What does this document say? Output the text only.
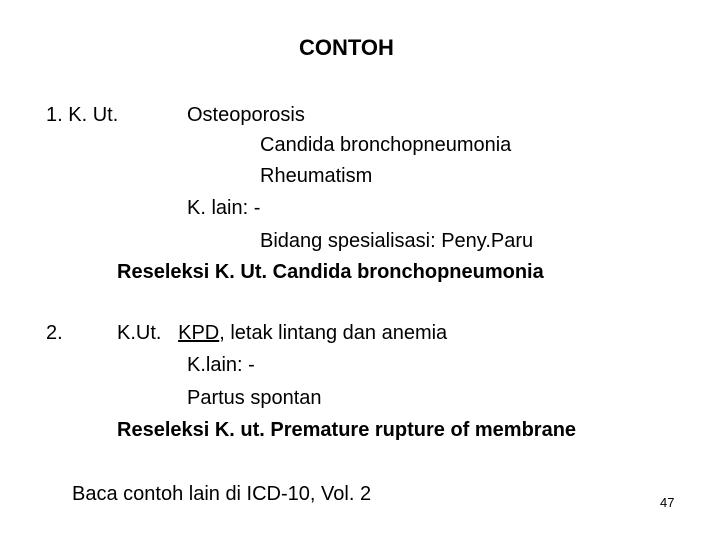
CONTOH
1. K. Ut.	Osteoporosis
Candida bronchopneumonia
Rheumatism
K. lain: -
Bidang spesialisasi: Peny.Paru
Reseleksi K. Ut. Candida bronchopneumonia
2.	K.Ut. KPD, letak lintang dan anemia
K.lain: -
Partus spontan
Reseleksi K. ut. Premature rupture of membrane
Baca contoh lain di ICD-10, Vol. 2	47
